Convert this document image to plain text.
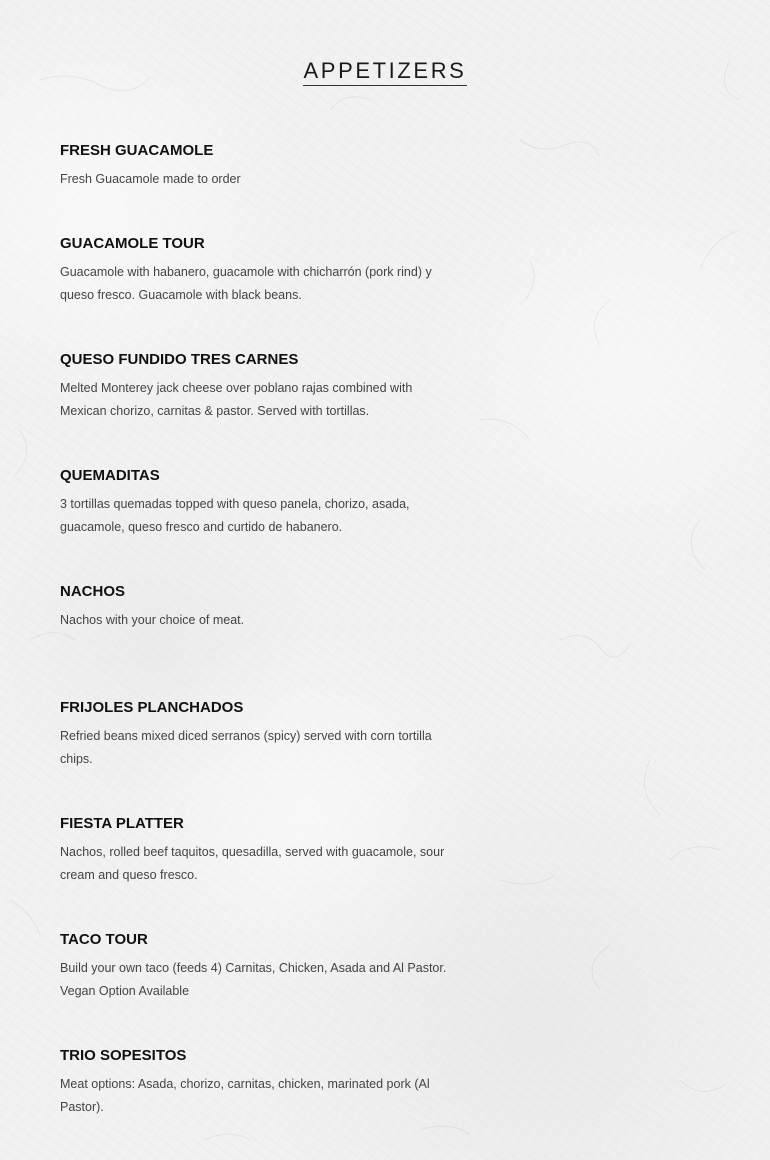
APPETIZERS
FRESH GUACAMOLE

Fresh Guacamole made to order

GUACAMOLE TOUR

Guacamole with habanero, guacamole with chicharrón (pork rind) y queso fresco. Guacamole with black beans.

QUESO FUNDIDO TRES CARNES

Melted Monterey jack cheese over poblano rajas combined with Mexican chorizo, carnitas & pastor. Served with tortillas.

QUEMADITAS

3 tortillas quemadas topped with queso panela, chorizo, asada, guacamole, queso fresco and curtido de habanero.

NACHOS

Nachos with your choice of meat.

FRIJOLES PLANCHADOS

Refried beans mixed diced serranos (spicy) served with corn tortilla chips.

FIESTA PLATTER

Nachos, rolled beef taquitos, quesadilla, served with guacamole, sour cream and queso fresco.

TACO TOUR

Build your own taco (feeds 4) Carnitas, Chicken, Asada and Al Pastor. Vegan Option Available

TRIO SOPESITOS

Meat options: Asada, chorizo, carnitas, chicken, marinated pork (Al Pastor).
